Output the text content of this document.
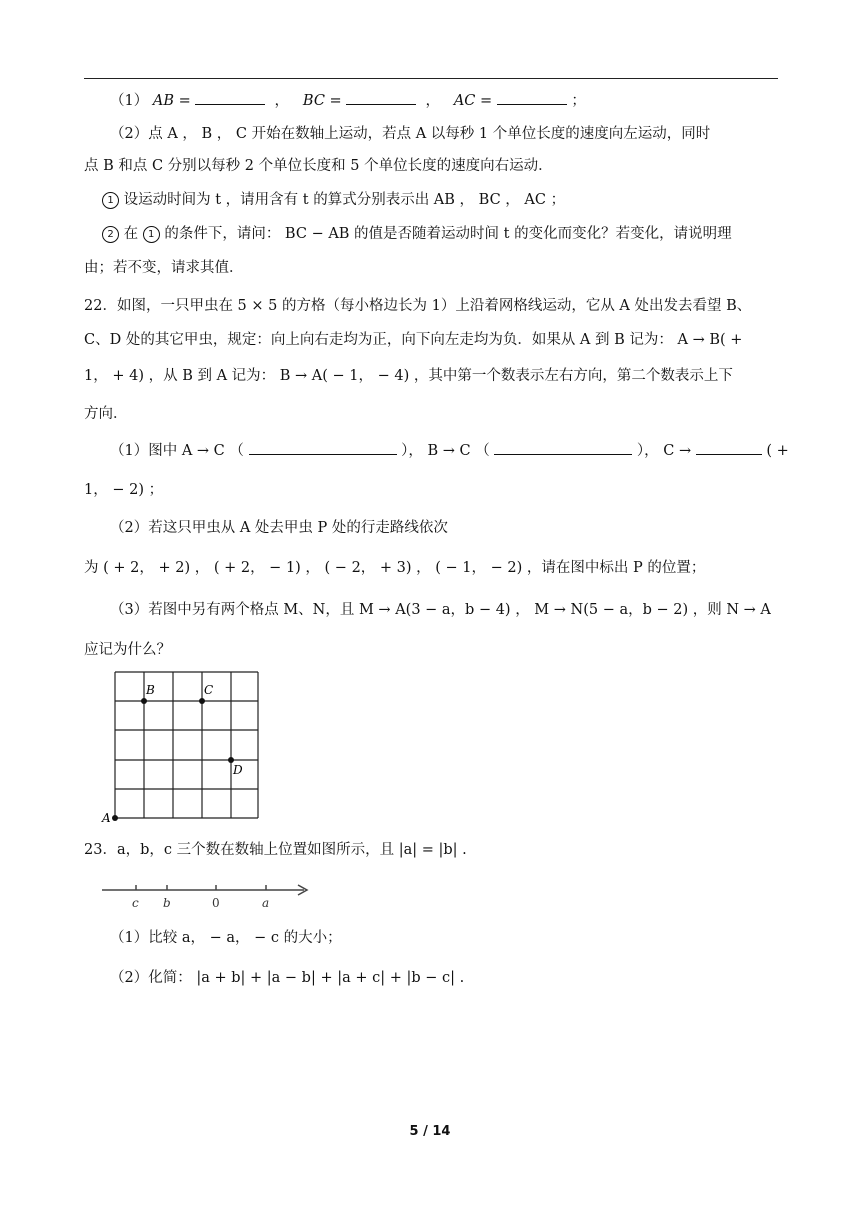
（1） AB =	，   BC =	，   AC =	；
（2）点 A ， B ， C 开始在数轴上运动，若点 A 以每秒 1 个单位长度的速度向左运动，同时
点 B 和点 C 分别以每秒 2 个单位长度和 5 个单位长度的速度向右运动．
1 设运动时间为 t ，请用含有 t 的算式分别表示出 AB ， BC ， AC ；
2 在 1 的条件下，请问： BC − AB 的值是否随着运动时间 t 的变化而变化？若变化，请说明理
由；若不变，请求其值．
22．如图，一只甲虫在 5 × 5 的方格（每小格边长为 1）上沿着网格线运动，它从 A 处出发去看望 B、
C、D 处的其它甲虫，规定：向上向右走均为正，向下向左走均为负．如果从 A 到 B 记为： A → B( +
1， + 4) ，从 B 到 A 记为： B → A( − 1， − 4) ，其中第一个数表示左右方向，第二个数表示上下
方向．
（1）图中 A → C （	）， B → C （	）， C →	( +
1， − 2) ；
（2）若这只甲虫从 A 处去甲虫 P 处的行走路线依次
为 ( + 2， + 2) ， ( + 2， − 1) ， ( − 2， + 3) ， ( − 1， − 2) ，请在图中标出 P 的位置；
（3）若图中另有两个格点 M、N，且 M → A(3 − a，b − 4) ， M → N(5 − a，b − 2) ，则 N → A
应记为什么？
A
B	C
D
23．a，b，c 三个数在数轴上位置如图所示，且 |a| = |b| .
c b	0	a
（1）比较 a， − a， − c 的大小；
（2）化简： |a + b| + |a − b| + |a + c| + |b − c| .
5 / 14
